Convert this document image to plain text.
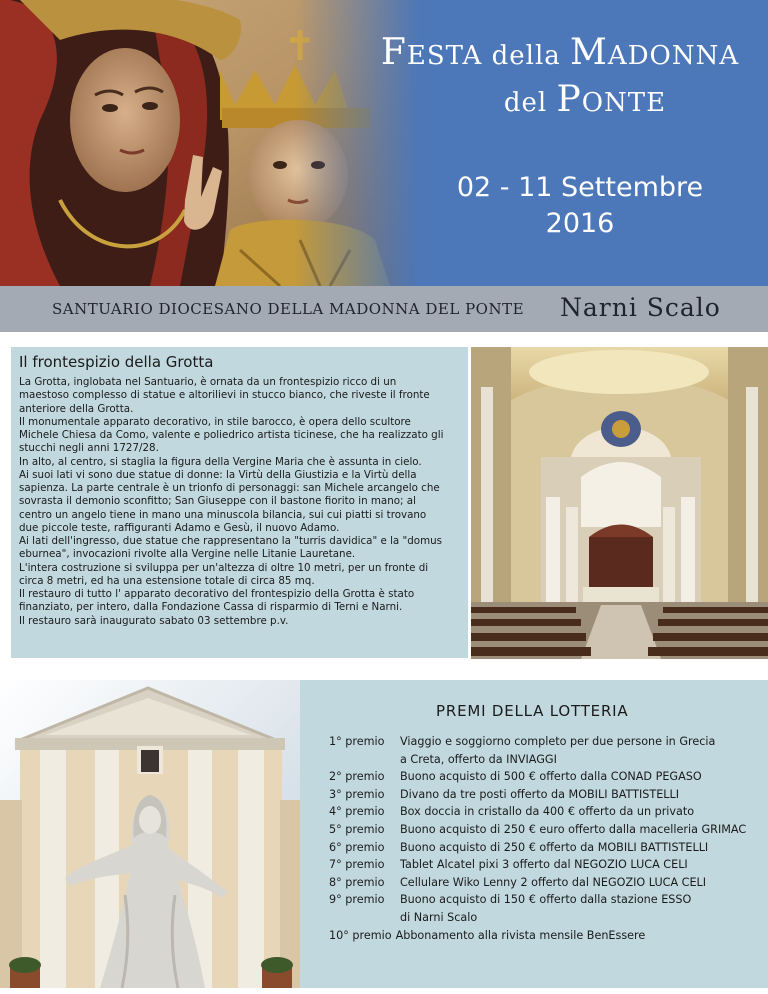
FESTA della MADONNA
del PONTE
02 - 11 Settembre
2016
SANTUARIO DIOCESANO DELLA MADONNA DEL PONTE Narni Scalo
Il frontespizio della Grotta

La Grotta, inglobata nel Santuario, è ornata da un frontespizio ricco di un

maestoso complesso di statue e altorilievi in stucco bianco, che riveste il fronte

anteriore della Grotta.

Il monumentale apparato decorativo, in stile barocco, è opera dello scultore

Michele Chiesa da Como, valente e poliedrico artista ticinese, che ha realizzato gli

stucchi negli anni 1727/28.

In alto, al centro, si staglia la figura della Vergine Maria che è assunta in cielo.

Ai suoi lati vi sono due statue di donne: la Virtù della Giustizia e la Virtù della

sapienza. La parte centrale è un trionfo di personaggi: san Michele arcangelo che

sovrasta il demonio sconfitto; San Giuseppe con il bastone fiorito in mano; al

centro un angelo tiene in mano una minuscola bilancia, sui cui piatti si trovano

due piccole teste, raffiguranti Adamo e Gesù, il nuovo Adamo.

Ai lati dell'ingresso, due statue che rappresentano la "turris davidica" e la "domus

eburnea", invocazioni rivolte alla Vergine nelle Litanie Lauretane.

L'intera costruzione si sviluppa per un'altezza di oltre 10 metri, per un fronte di

circa 8 metri, ed ha una estensione totale di circa 85 mq.

Il restauro di tutto l' apparato decorativo del frontespizio della Grotta è stato

finanziato, per intero, dalla Fondazione Cassa di risparmio di Terni e Narni.

Il restauro sarà inaugurato sabato 03 settembre p.v.

PREMI DELLA LOTTERIA
1° premio	Viaggio e soggiorno completo per due persone in Grecia
a Creta, offerto da INVIAGGI
2° premio	Buono acquisto di 500 € offerto dalla CONAD PEGASO
3° premio	Divano da tre posti offerto da MOBILI BATTISTELLI
4° premio	Box doccia in cristallo da 400 € offerto da un privato
5° premio	Buono acquisto di 250 € euro offerto dalla macelleria GRIMAC
6° premio	Buono acquisto di 250 € offerto da MOBILI BATTISTELLI
7° premio	Tablet Alcatel pixi 3 offerto dal NEGOZIO LUCA CELI
8° premio	Cellulare Wiko Lenny 2 offerto dal NEGOZIO LUCA CELI
9° premio	Buono acquisto di 150 € offerto dalla stazione ESSO
di Narni Scalo
10° premio Abbonamento alla rivista mensile BenEssere
